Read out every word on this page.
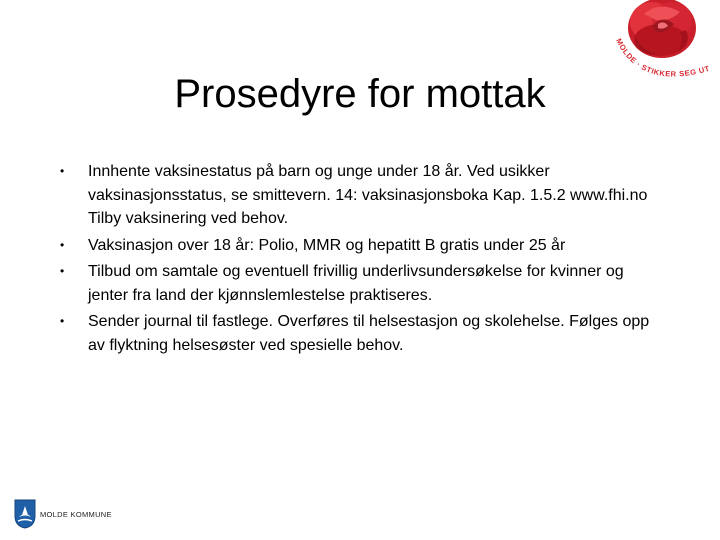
MOLDE · STIKKER SEG UT
Prosedyre for mottak
• Innhente vaksinestatus på barn og unge under 18 år. Ved usikker vaksinasjonsstatus, se smittevern. 14: vaksinasjonsboka Kap. 1.5.2 www.fhi.no Tilby vaksinering ved behov.
• Vaksinasjon over 18 år: Polio, MMR og hepatitt B gratis under 25 år
• Tilbud om samtale og eventuell frivillig underlivsundersøkelse for kvinner og jenter fra land der kjønnslemlestelse praktiseres.
• Sender journal til fastlege. Overføres til helsestasjon og skolehelse. Følges opp av flyktning helsesøster ved spesielle behov.
MOLDE KOMMUNE
